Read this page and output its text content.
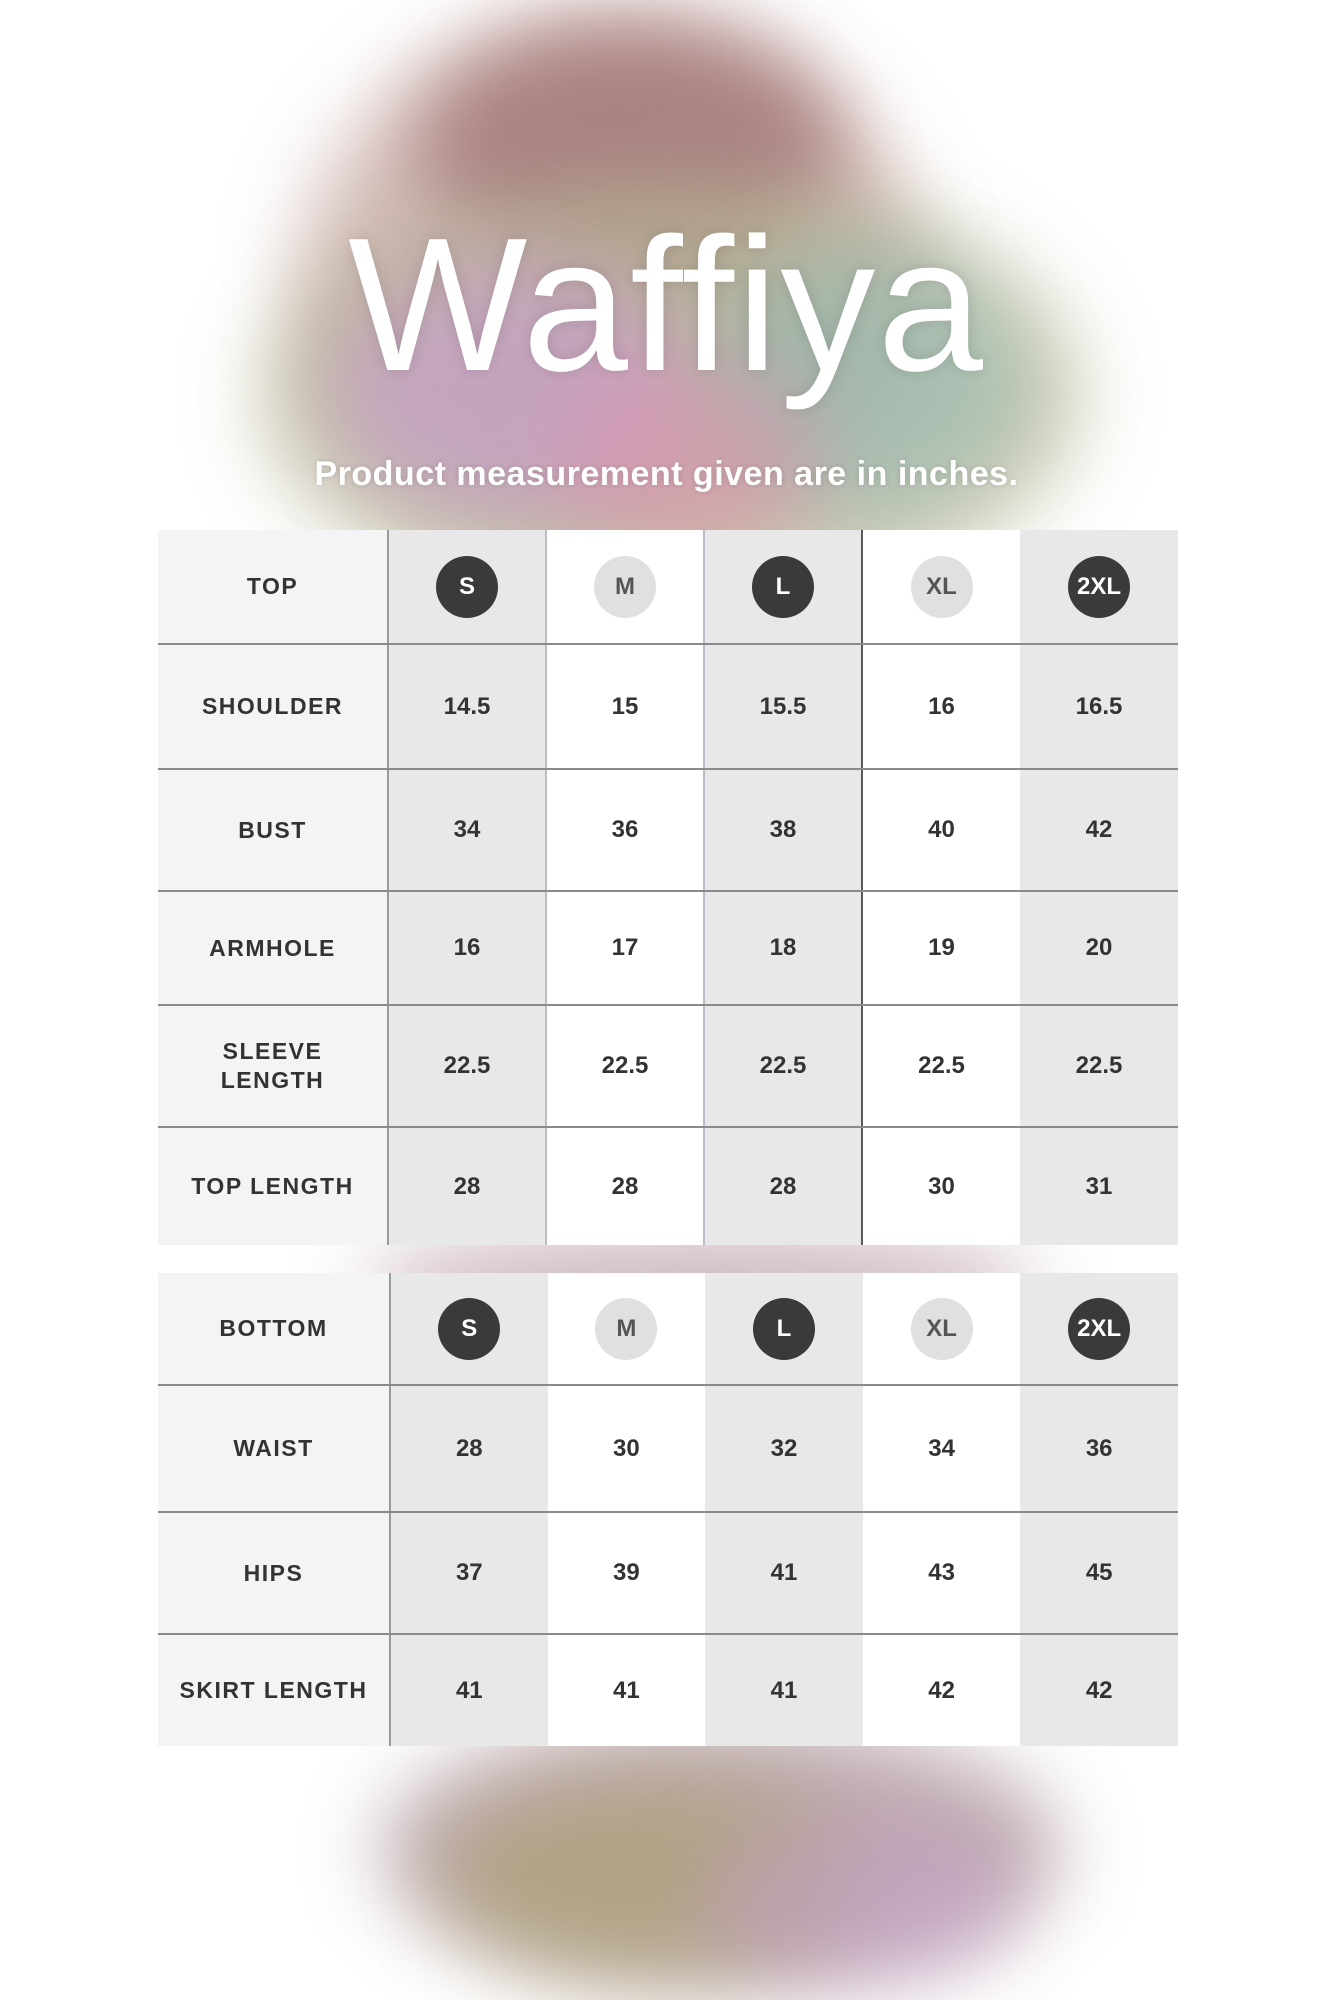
Waffiya
Product measurement given are in inches.
TOP	S	M	L	XL	2XL
SHOULDER	14.5	15	15.5	16	16.5
BUST	34	36	38	40	42
ARMHOLE	16	17	18	19	20
SLEEVE LENGTH	22.5	22.5	22.5	22.5	22.5
TOP LENGTH	28	28	28	30	31
BOTTOM	S	M	L	XL	2XL
WAIST	28	30	32	34	36
HIPS	37	39	41	43	45
SKIRT LENGTH	41	41	41	42	42
